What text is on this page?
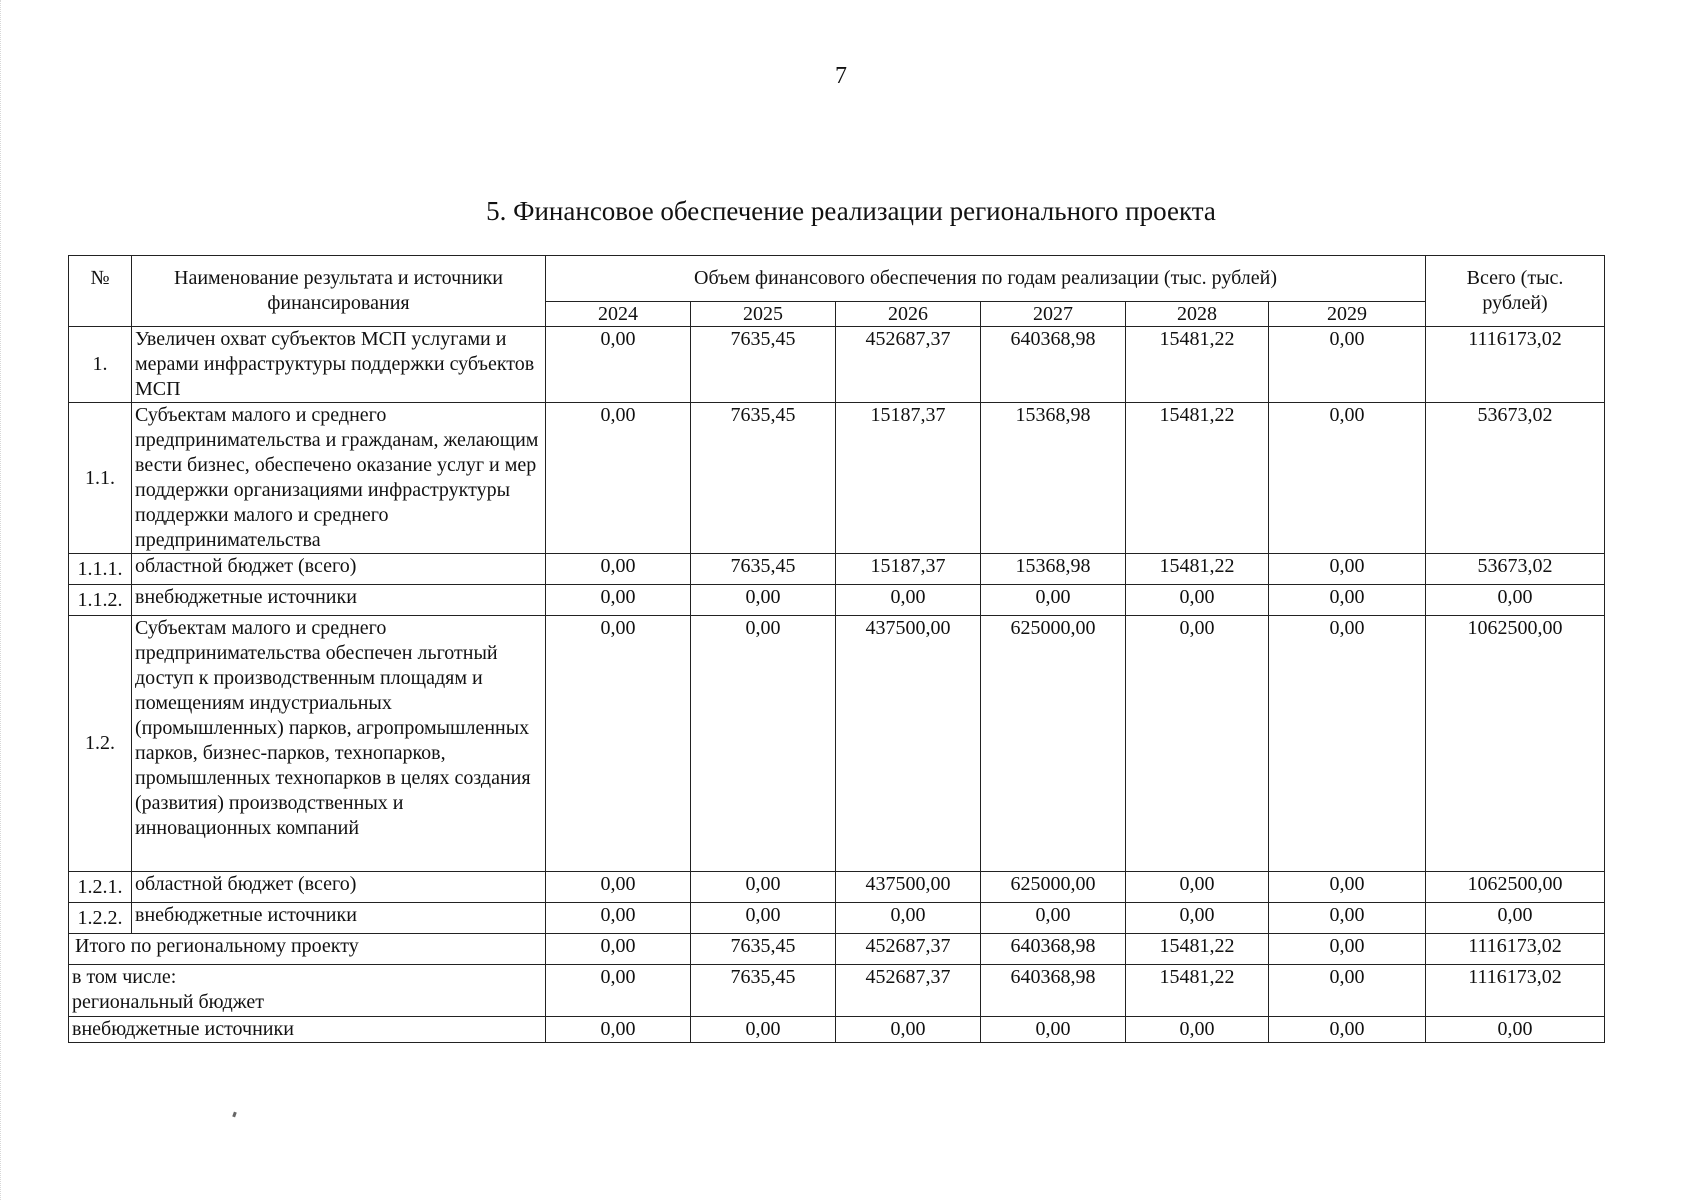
7
5. Финансовое обеспечение реализации регионального проекта
№	Наименование результата и источники финансирования	Объем финансового обеспечения по годам реализации (тыс. рублей)						Всего (тыс. рублей)
		2024	2025	2026	2027	2028	2029	
1.	Увеличен охват субъектов МСП услугами и мерами инфраструктуры поддержки субъектов МСП	0,00	7635,45	452687,37	640368,98	15481,22	0,00	1116173,02
1.1.	Субъектам малого и среднего предпринимательства и гражданам, желающим вести бизнес, обеспечено оказание услуг и мер поддержки организациями инфраструктуры поддержки малого и среднего предпринимательства	0,00	7635,45	15187,37	15368,98	15481,22	0,00	53673,02
1.1.1.	областной бюджет (всего)	0,00	7635,45	15187,37	15368,98	15481,22	0,00	53673,02
1.1.2.	внебюджетные источники	0,00	0,00	0,00	0,00	0,00	0,00	0,00
1.2.	Субъектам малого и среднего предпринимательства обеспечен льготный доступ к производственным площадям и помещениям индустриальных (промышленных) парков, агропромышленных парков, бизнес-парков, технопарков, промышленных технопарков в целях создания (развития) производственных и инновационных компаний	0,00	0,00	437500,00	625000,00	0,00	0,00	1062500,00
1.2.1.	областной бюджет (всего)	0,00	0,00	437500,00	625000,00	0,00	0,00	1062500,00
1.2.2.	внебюджетные источники	0,00	0,00	0,00	0,00	0,00	0,00	0,00
Итого по региональному проекту		0,00	7635,45	452687,37	640368,98	15481,22	0,00	1116173,02

в том числе:
региональный бюджет		0,00	7635,45	452687,37	640368,98	15481,22	0,00	1116173,02
внебюджетные источники		0,00	0,00	0,00	0,00	0,00	0,00	0,00
